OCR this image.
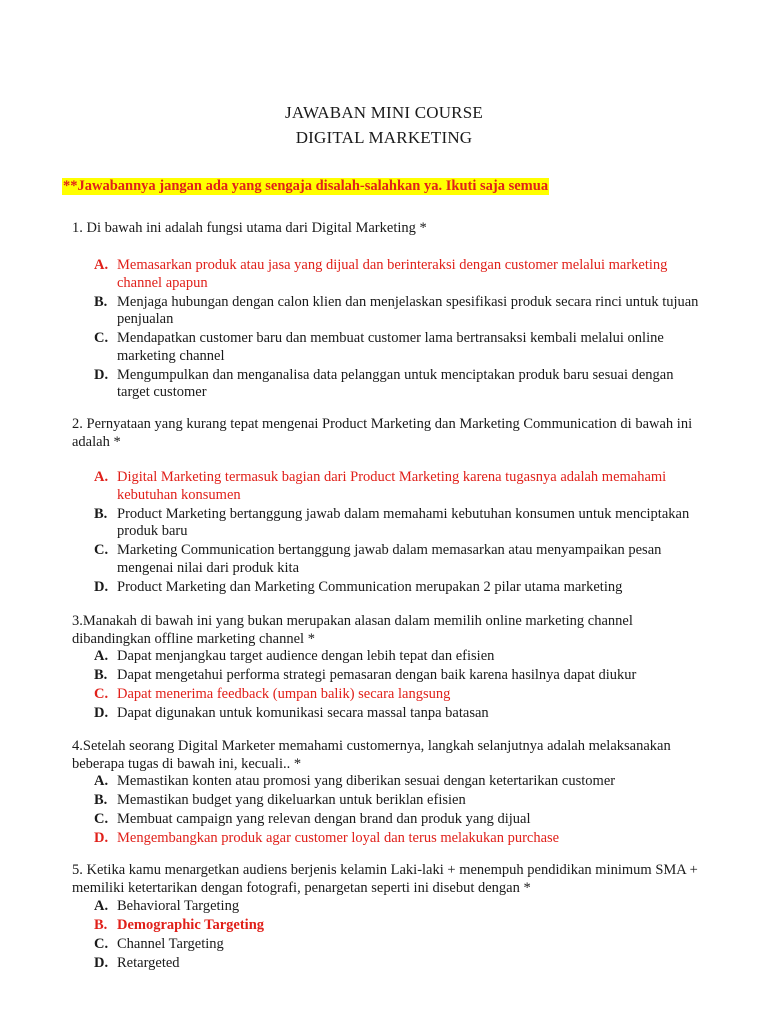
JAWABAN MINI COURSE
DIGITAL MARKETING
**Jawabannya jangan ada yang sengaja disalah-salahkan ya. Ikuti saja semua
1. Di bawah ini adalah fungsi utama dari Digital Marketing *
A. Memasarkan produk atau jasa yang dijual dan berinteraksi dengan customer melalui marketing channel apapun
B. Menjaga hubungan dengan calon klien dan menjelaskan spesifikasi produk secara rinci untuk tujuan penjualan
C. Mendapatkan customer baru dan membuat customer lama bertransaksi kembali melalui online marketing channel
D. Mengumpulkan dan menganalisa data pelanggan untuk menciptakan produk baru sesuai dengan target customer
2. Pernyataan yang kurang tepat mengenai Product Marketing dan Marketing Communication di bawah ini adalah *
A. Digital Marketing termasuk bagian dari Product Marketing karena tugasnya adalah memahami kebutuhan konsumen
B. Product Marketing bertanggung jawab dalam memahami kebutuhan konsumen untuk menciptakan produk baru
C. Marketing Communication bertanggung jawab dalam memasarkan atau menyampaikan pesan mengenai nilai dari produk kita
D. Product Marketing dan Marketing Communication merupakan 2 pilar utama marketing
3.Manakah di bawah ini yang bukan merupakan alasan dalam memilih online marketing channel dibandingkan offline marketing channel *
A. Dapat menjangkau target audience dengan lebih tepat dan efisien
B. Dapat mengetahui performa strategi pemasaran dengan baik karena hasilnya dapat diukur
C. Dapat menerima feedback (umpan balik) secara langsung
D. Dapat digunakan untuk komunikasi secara massal tanpa batasan
4.Setelah seorang Digital Marketer memahami customernya, langkah selanjutnya adalah melaksanakan beberapa tugas di bawah ini, kecuali.. *
A. Memastikan konten atau promosi yang diberikan sesuai dengan ketertarikan customer
B. Memastikan budget yang dikeluarkan untuk beriklan efisien
C. Membuat campaign yang relevan dengan brand dan produk yang dijual
D. Mengembangkan produk agar customer loyal dan terus melakukan purchase
5. Ketika kamu menargetkan audiens berjenis kelamin Laki-laki + menempuh pendidikan minimum SMA + memiliki ketertarikan dengan fotografi, penargetan seperti ini disebut dengan *
A. Behavioral Targeting
B. Demographic Targeting
C. Channel Targeting
D. Retargeted
